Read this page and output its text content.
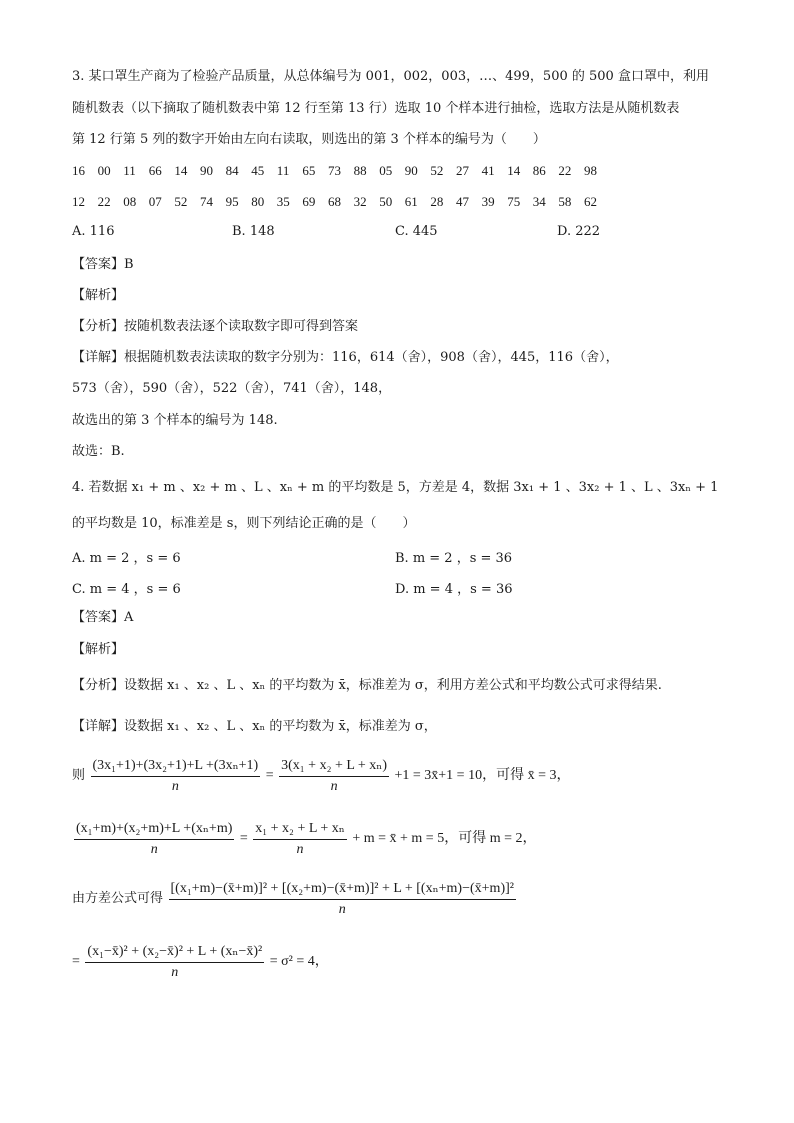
3. 某口罩生产商为了检验产品质量，从总体编号为 001，002，003，…、499，500 的 500 盒口罩中，利用
随机数表（以下摘取了随机数表中第 12 行至第 13 行）选取 10 个样本进行抽检，选取方法是从随机数表
第 12 行第 5 列的数字开始由左向右读取，则选出的第 3 个样本的编号为（　　）
16 00 11 66 14 90 84 45 11 65 73 88 05 90 52 27 41 14 86 22 98
12 22 08 07 52 74 95 80 35 69 68 32 50 61 28 47 39 75 34 58 62
A. 116	B. 148	C. 445	D. 222
【答案】B
【解析】
【分析】按随机数表法逐个读取数字即可得到答案
【详解】根据随机数表法读取的数字分别为：116，614（舍），908（舍），445，116（舍），
573（舍），590（舍），522（舍），741（舍），148，
故选出的第 3 个样本的编号为 148.
故选：B.
4. 若数据 x₁ + m 、x₂ + m 、L 、xₙ + m 的平均数是 5，方差是 4，数据 3x₁ + 1 、3x₂ + 1 、L 、3xₙ + 1
的平均数是 10，标准差是 s，则下列结论正确的是（　　）
A. m = 2 ，s = 6	B. m = 2 ，s = 36
C. m = 4 ，s = 6	D. m = 4 ，s = 36
【答案】A
【解析】
【分析】设数据 x₁ 、x₂ 、L 、xₙ 的平均数为 x̄，标准差为 σ，利用方差公式和平均数公式可求得结果.
【详解】设数据 x₁ 、x₂ 、L 、xₙ 的平均数为 x̄，标准差为 σ，
则 $\frac{\text{(3x₁+1)+(3x₂+1)+L +(3xₙ+1)}}{n} = \frac{\text{3(x₁ + x₂ + L + xₙ)}}{n} +1$ = 3x̄+1 = 10，可得 x̄ = 3，
$\frac{\text{(x₁+m)+(x₂+m)+L +(xₙ+m)}}{n} = \frac{\text{x₁ + x₂ + L + xₙ}}{n} + m$ = x̄ + m = 5，可得 m = 2，
由方差公式可得 $\frac{\text{[(x₁+m)−(x̄+m)]² + [(x₂+m)−(x̄+m)]² + L + [(xₙ+m)−(x̄+m)]²}}{n}$
= $\frac{\text{(x₁−x̄)² + (x₂−x̄)² + L + (xₙ−x̄)²}}{n} = \sigma^2 = 4$，
